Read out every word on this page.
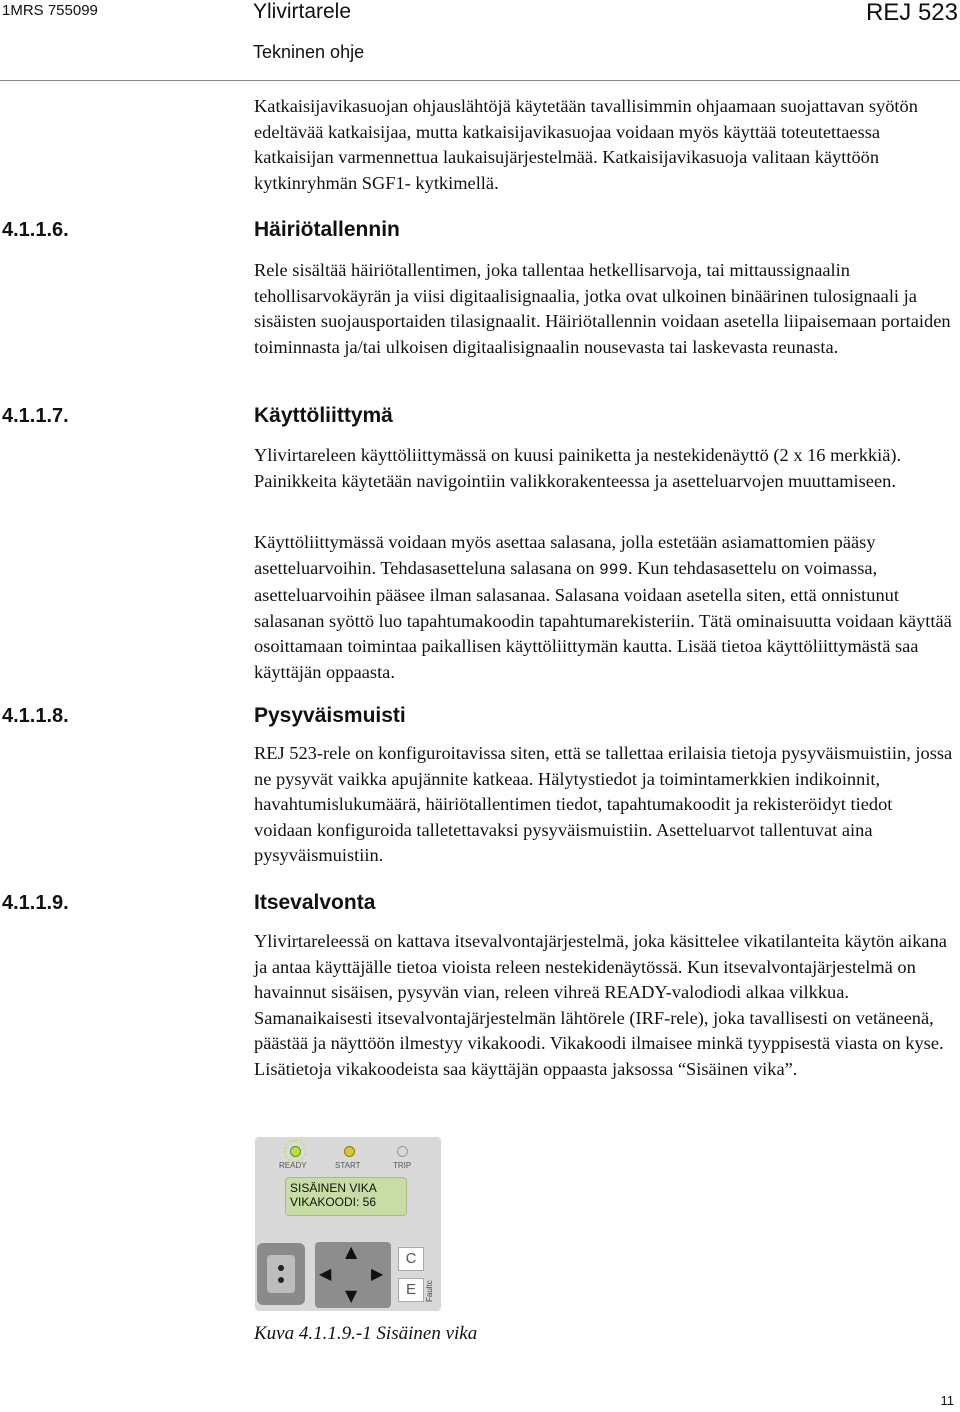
1MRS 755099	Ylivirtarele
Tekninen ohje
REJ 523

Katkaisijavikasuojan ohjauslähtöjä käytetään tavallisimmin ohjaamaan suojattavan syötön edeltävää katkaisijaa, mutta katkaisijavikasuojaa voidaan myös käyttää toteutettaessa katkaisijan varmennettua laukaisujärjestelmää. Katkaisijavikasuoja valitaan käyttöön kytkinryhmän SGF1- kytkimellä.

4.1.1.6.	Häiriötallennin

Rele sisältää häiriötallentimen, joka tallentaa hetkellisarvoja, tai mittaussignaalin tehollisarvokäyrän ja viisi digitaalisignaalia, jotka ovat ulkoinen binäärinen tulosignaali ja sisäisten suojausportaiden tilasignaalit. Häiriötallennin voidaan asetella liipaisemaan portaiden toiminnasta ja/tai ulkoisen digitaalisignaalin nousevasta tai laskevasta reunasta.

4.1.1.7.	Käyttöliittymä

Ylivirtareleen käyttöliittymässä on kuusi painiketta ja nestekidenäyttö (2 x 16 merkkiä). Painikkeita käytetään navigointiin valikkorakenteessa ja asetteluarvojen muuttamiseen.

Käyttöliittymässä voidaan myös asettaa salasana, jolla estetään asiamattomien pääsy asetteluarvoihin. Tehdasasetteluna salasana on 999. Kun tehdasasettelu on voimassa, asetteluarvoihin pääsee ilman salasanaa. Salasana voidaan asetella siten, että onnistunut salasanan syöttö luo tapahtumakoodin tapahtumarekisteriin. Tätä ominaisuutta voidaan käyttää osoittamaan toimintaa paikallisen käyttöliittymän kautta. Lisää tietoa käyttöliittymästä saa käyttäjän oppaasta.

4.1.1.8.	Pysyväismuisti

REJ 523-rele on konfiguroitavissa siten, että se tallettaa erilaisia tietoja pysyväismuistiin, jossa ne pysyvät vaikka apujännite katkeaa. Hälytystiedot ja toimintamerkkien indikoinnit, havahtumislukumäärä, häiriötallentimen tiedot, tapahtumakoodit ja rekisteröidyt tiedot voidaan konfiguroida talletettavaksi pysyväismuistiin. Asetteluarvot tallentuvat aina pysyväismuistiin.

4.1.1.9.	Itsevalvonta

Ylivirtareleessä on kattava itsevalvontajärjestelmä, joka käsittelee vikatilanteita käytön aikana ja antaa käyttäjälle tietoa vioista releen nestekidenäytössä. Kun itsevalvontajärjestelmä on havainnut sisäisen, pysyvän vian, releen vihreä READY-valodiodi alkaa vilkkua. Samanaikaisesti itsevalvontajärjestelmän lähtörele (IRF-rele), joka tavallisesti on vetäneenä, päästää ja näyttöön ilmestyy vikakoodi. Vikakoodi ilmaisee minkä tyyppisestä viasta on kyse. Lisätietoja vikakoodeista saa käyttäjän oppaasta jaksossa “Sisäinen vika”.

READY	START	TRIP
SISÄINEN VIKA
VIKAKOODI: 56
▲
▼
◀ ▶
C
E	Faultc
Kuva 4.1.1.9.-1 Sisäinen vika
11
